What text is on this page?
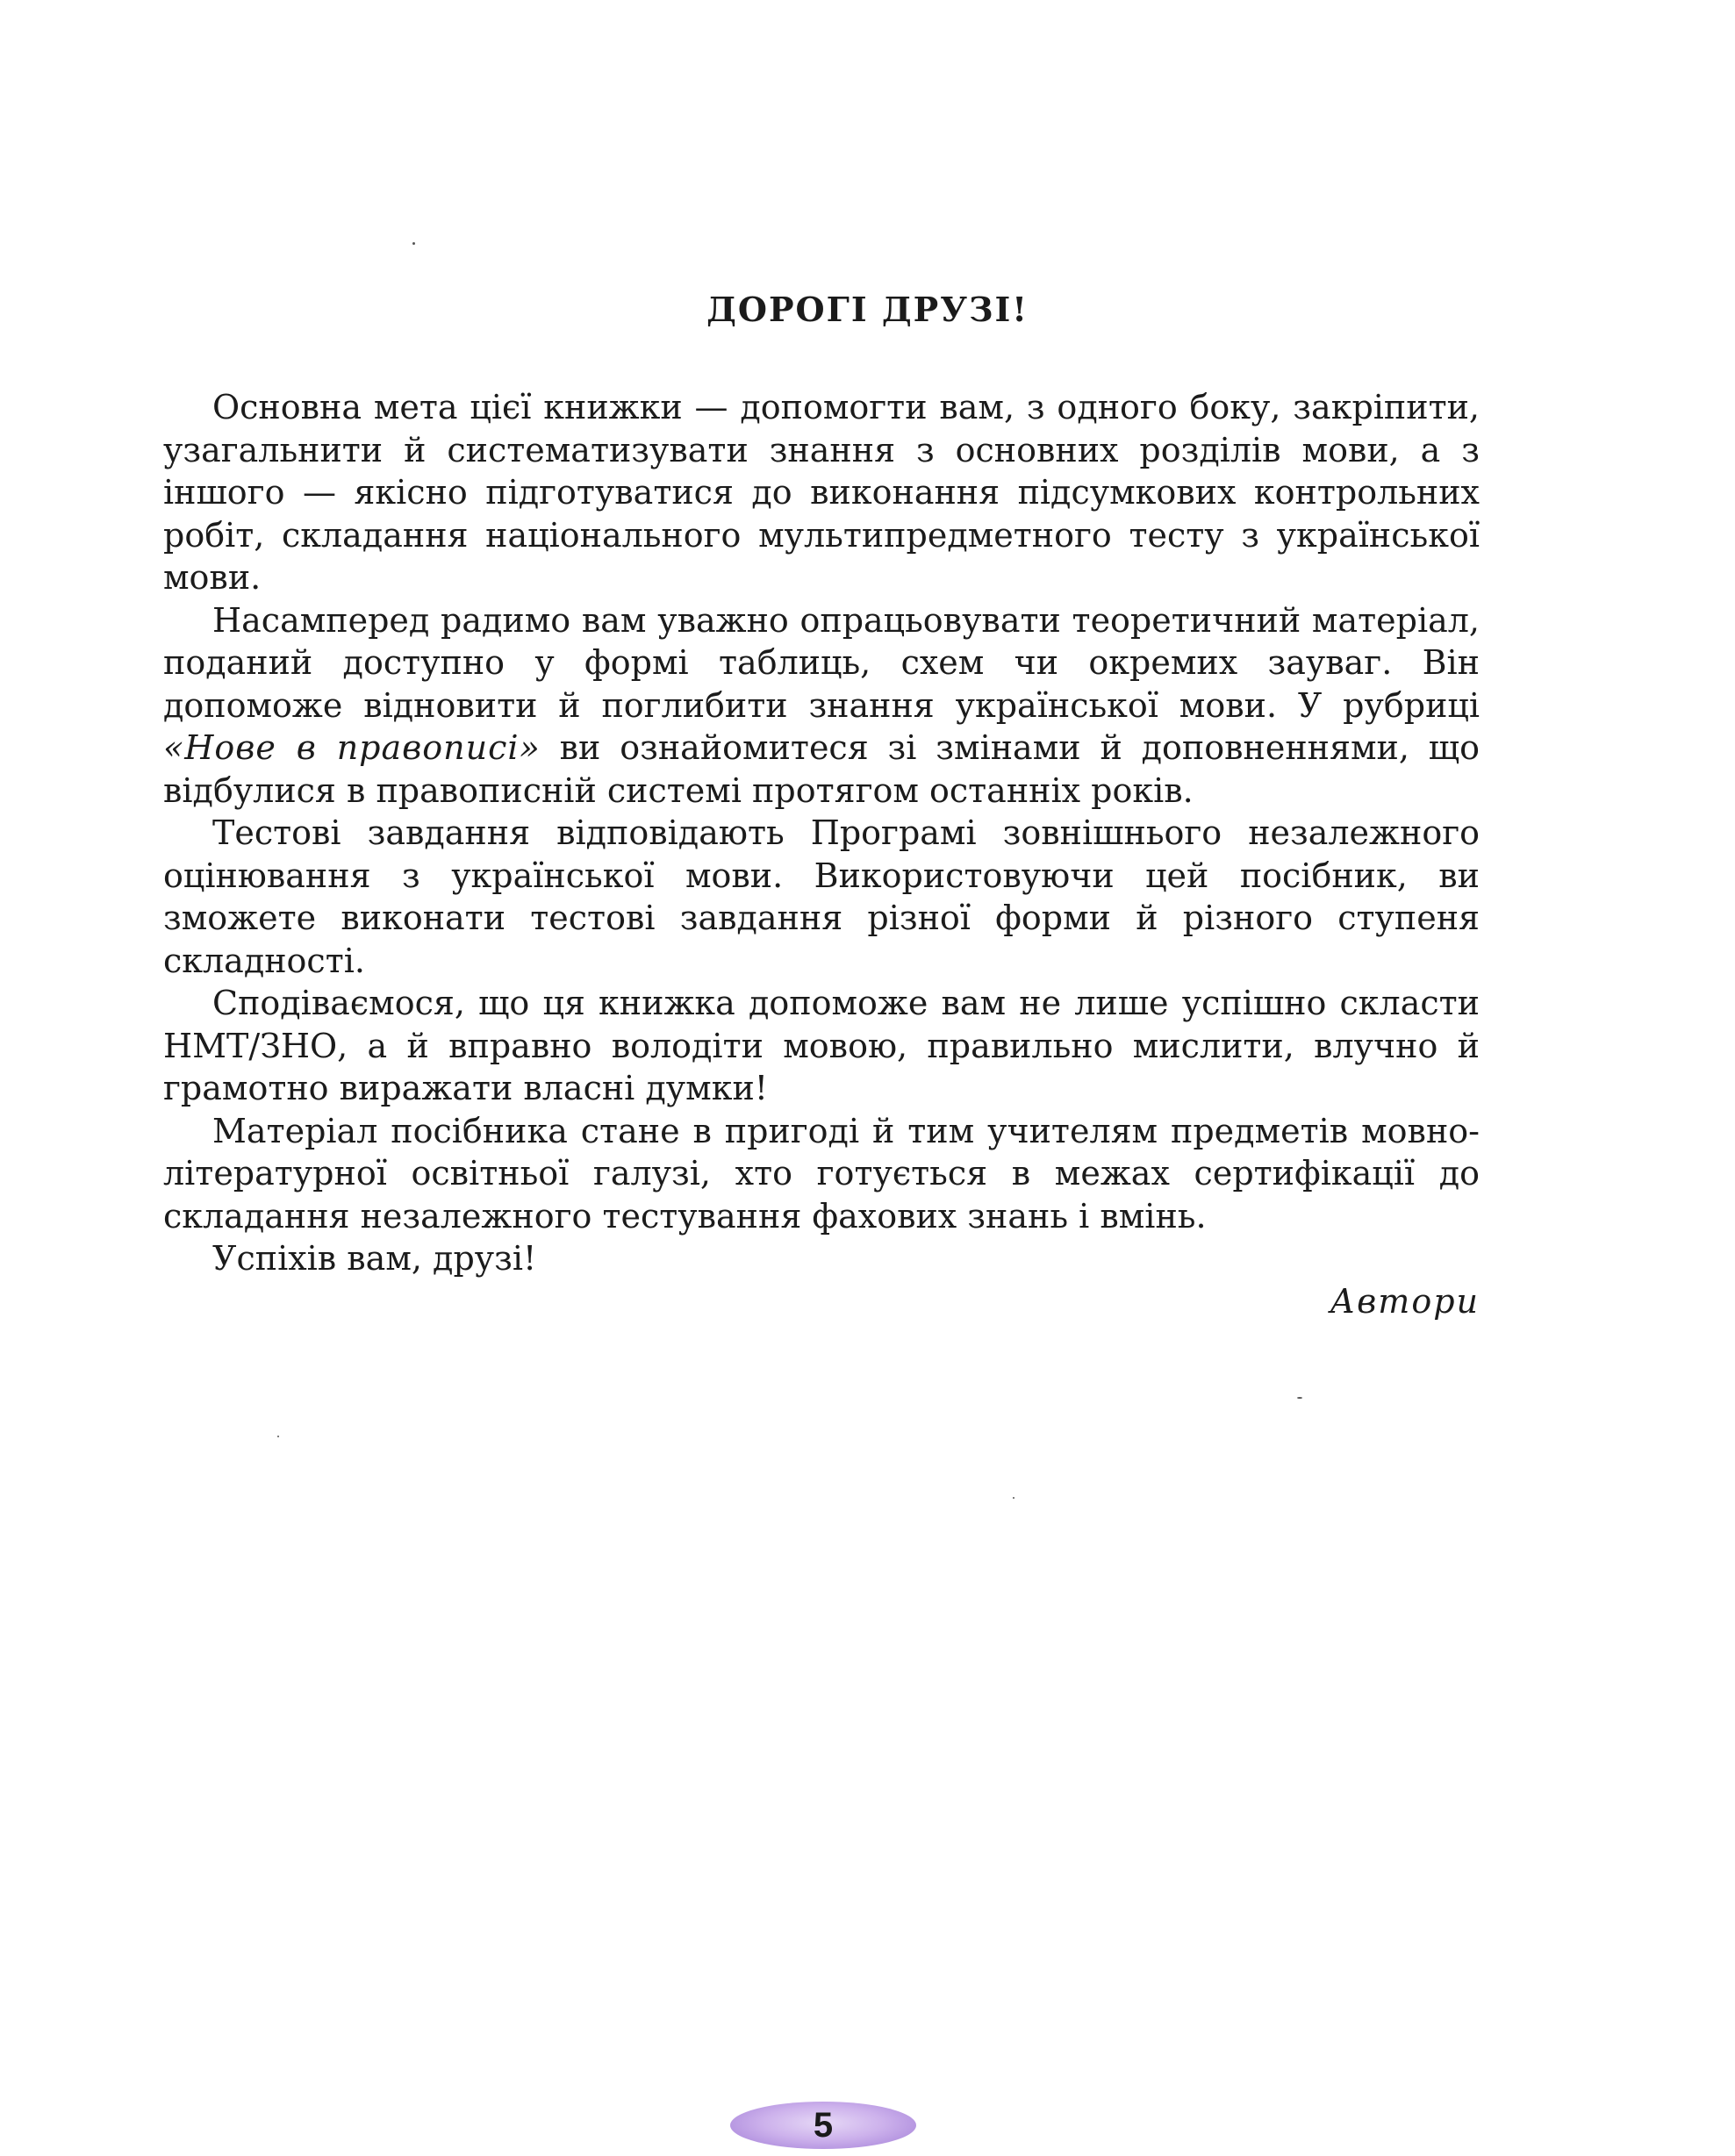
ДОРОГІ ДРУЗІ!

Основна мета цієї книжки — допомогти вам, з одного боку, закріпити, узагальнити й систематизувати знання з основних розділів мови, а з іншого — якісно підготуватися до виконання підсумкових контрольних робіт, складання національного мультипредметного тесту з української мови.

Насамперед радимо вам уважно опрацьовувати теоретичний матеріал, поданий доступно у формі таблиць, схем чи окремих зауваг. Він допоможе відновити й поглибити знання української мови. У рубриці «Нове в правописі» ви ознайомитеся зі змінами й доповненнями, що відбулися в правописній системі протягом останніх років.

Тестові завдання відповідають Програмі зовнішнього незалежного оцінювання з української мови. Використовуючи цей посібник, ви зможете виконати тестові завдання різної форми й різного ступеня складності.

Сподіваємося, що ця книжка допоможе вам не лише успішно скласти НМТ/ЗНО, а й вправно володіти мовою, правильно мислити, влучно й грамотно виражати власні думки!

Матеріал посібника стане в пригоді й тим учителям предметів мовно-літературної освітньої галузі, хто готується в межах сертифікації до складання незалежного тестування фахових знань і вмінь.

Успіхів вам, друзі!

Автори

5
